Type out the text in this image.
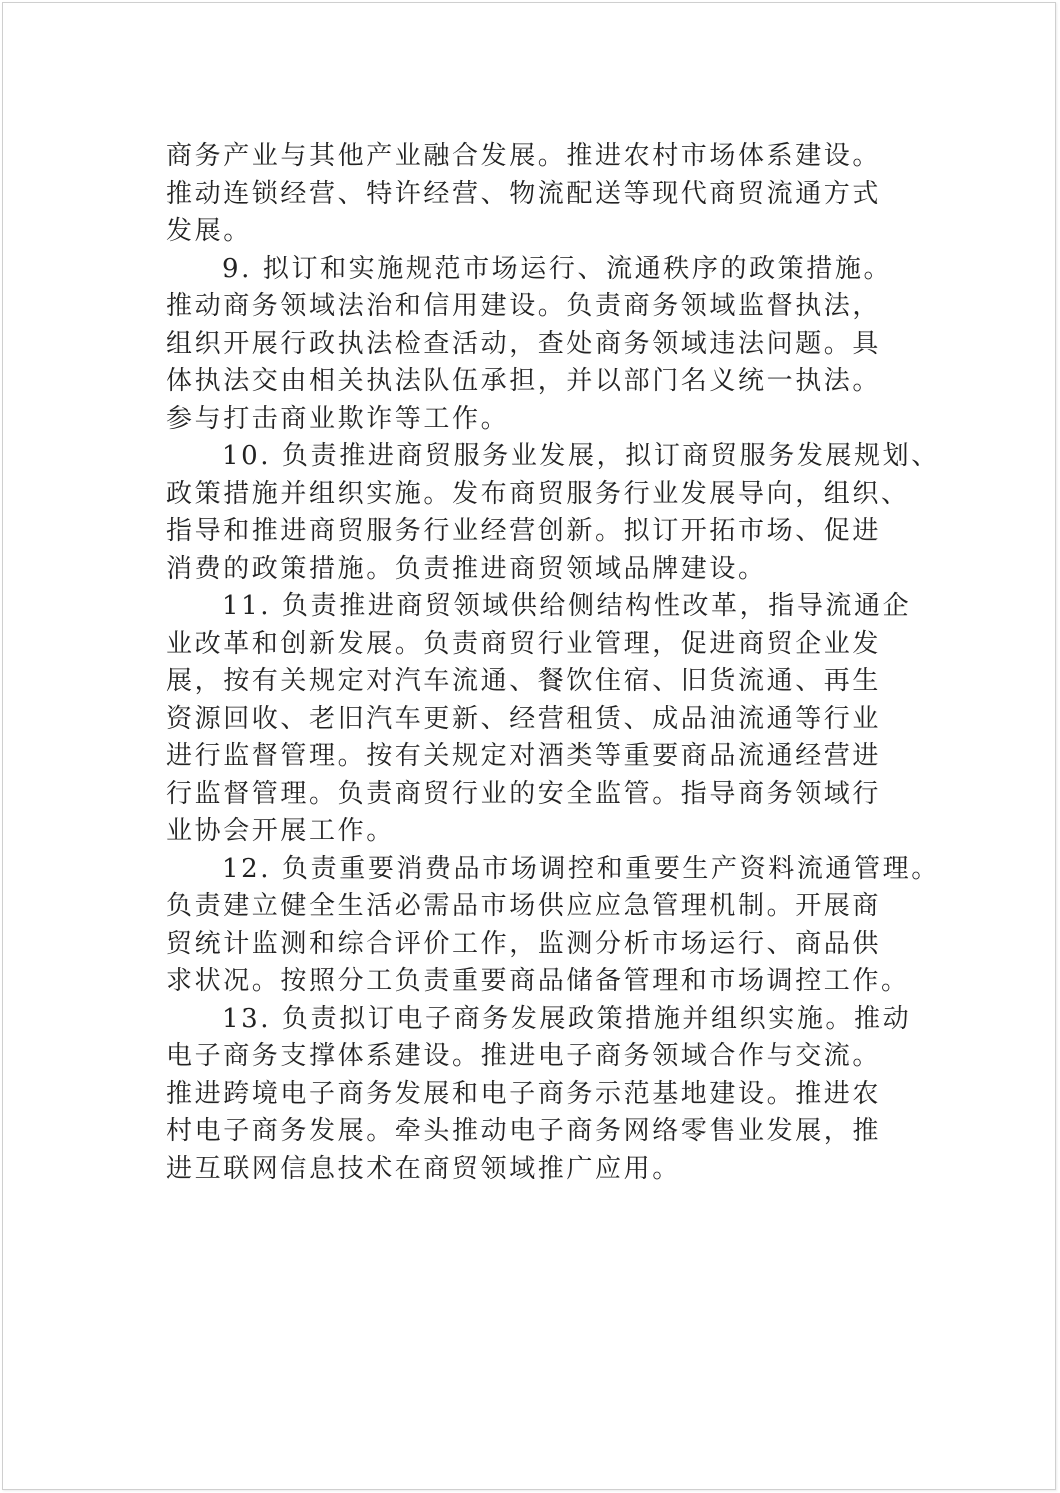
商务产业与其他产业融合发展。推进农村市场体系建设。
推动连锁经营、特许经营、物流配送等现代商贸流通方式
发展。

9. 拟订和实施规范市场运行、流通秩序的政策措施。
推动商务领域法治和信用建设。负责商务领域监督执法，
组织开展行政执法检查活动，查处商务领域违法问题。具
体执法交由相关执法队伍承担，并以部门名义统一执法。
参与打击商业欺诈等工作。

10. 负责推进商贸服务业发展，拟订商贸服务发展规划、
政策措施并组织实施。发布商贸服务行业发展导向，组织、
指导和推进商贸服务行业经营创新。拟订开拓市场、促进
消费的政策措施。负责推进商贸领域品牌建设。

11. 负责推进商贸领域供给侧结构性改革，指导流通企
业改革和创新发展。负责商贸行业管理，促进商贸企业发
展，按有关规定对汽车流通、餐饮住宿、旧货流通、再生
资源回收、老旧汽车更新、经营租赁、成品油流通等行业
进行监督管理。按有关规定对酒类等重要商品流通经营进
行监督管理。负责商贸行业的安全监管。指导商务领域行
业协会开展工作。

12. 负责重要消费品市场调控和重要生产资料流通管理。
负责建立健全生活必需品市场供应应急管理机制。开展商
贸统计监测和综合评价工作，监测分析市场运行、商品供
求状况。按照分工负责重要商品储备管理和市场调控工作。

13. 负责拟订电子商务发展政策措施并组织实施。推动
电子商务支撑体系建设。推进电子商务领域合作与交流。
推进跨境电子商务发展和电子商务示范基地建设。推进农
村电子商务发展。牵头推动电子商务网络零售业发展，推
进互联网信息技术在商贸领域推广应用。
